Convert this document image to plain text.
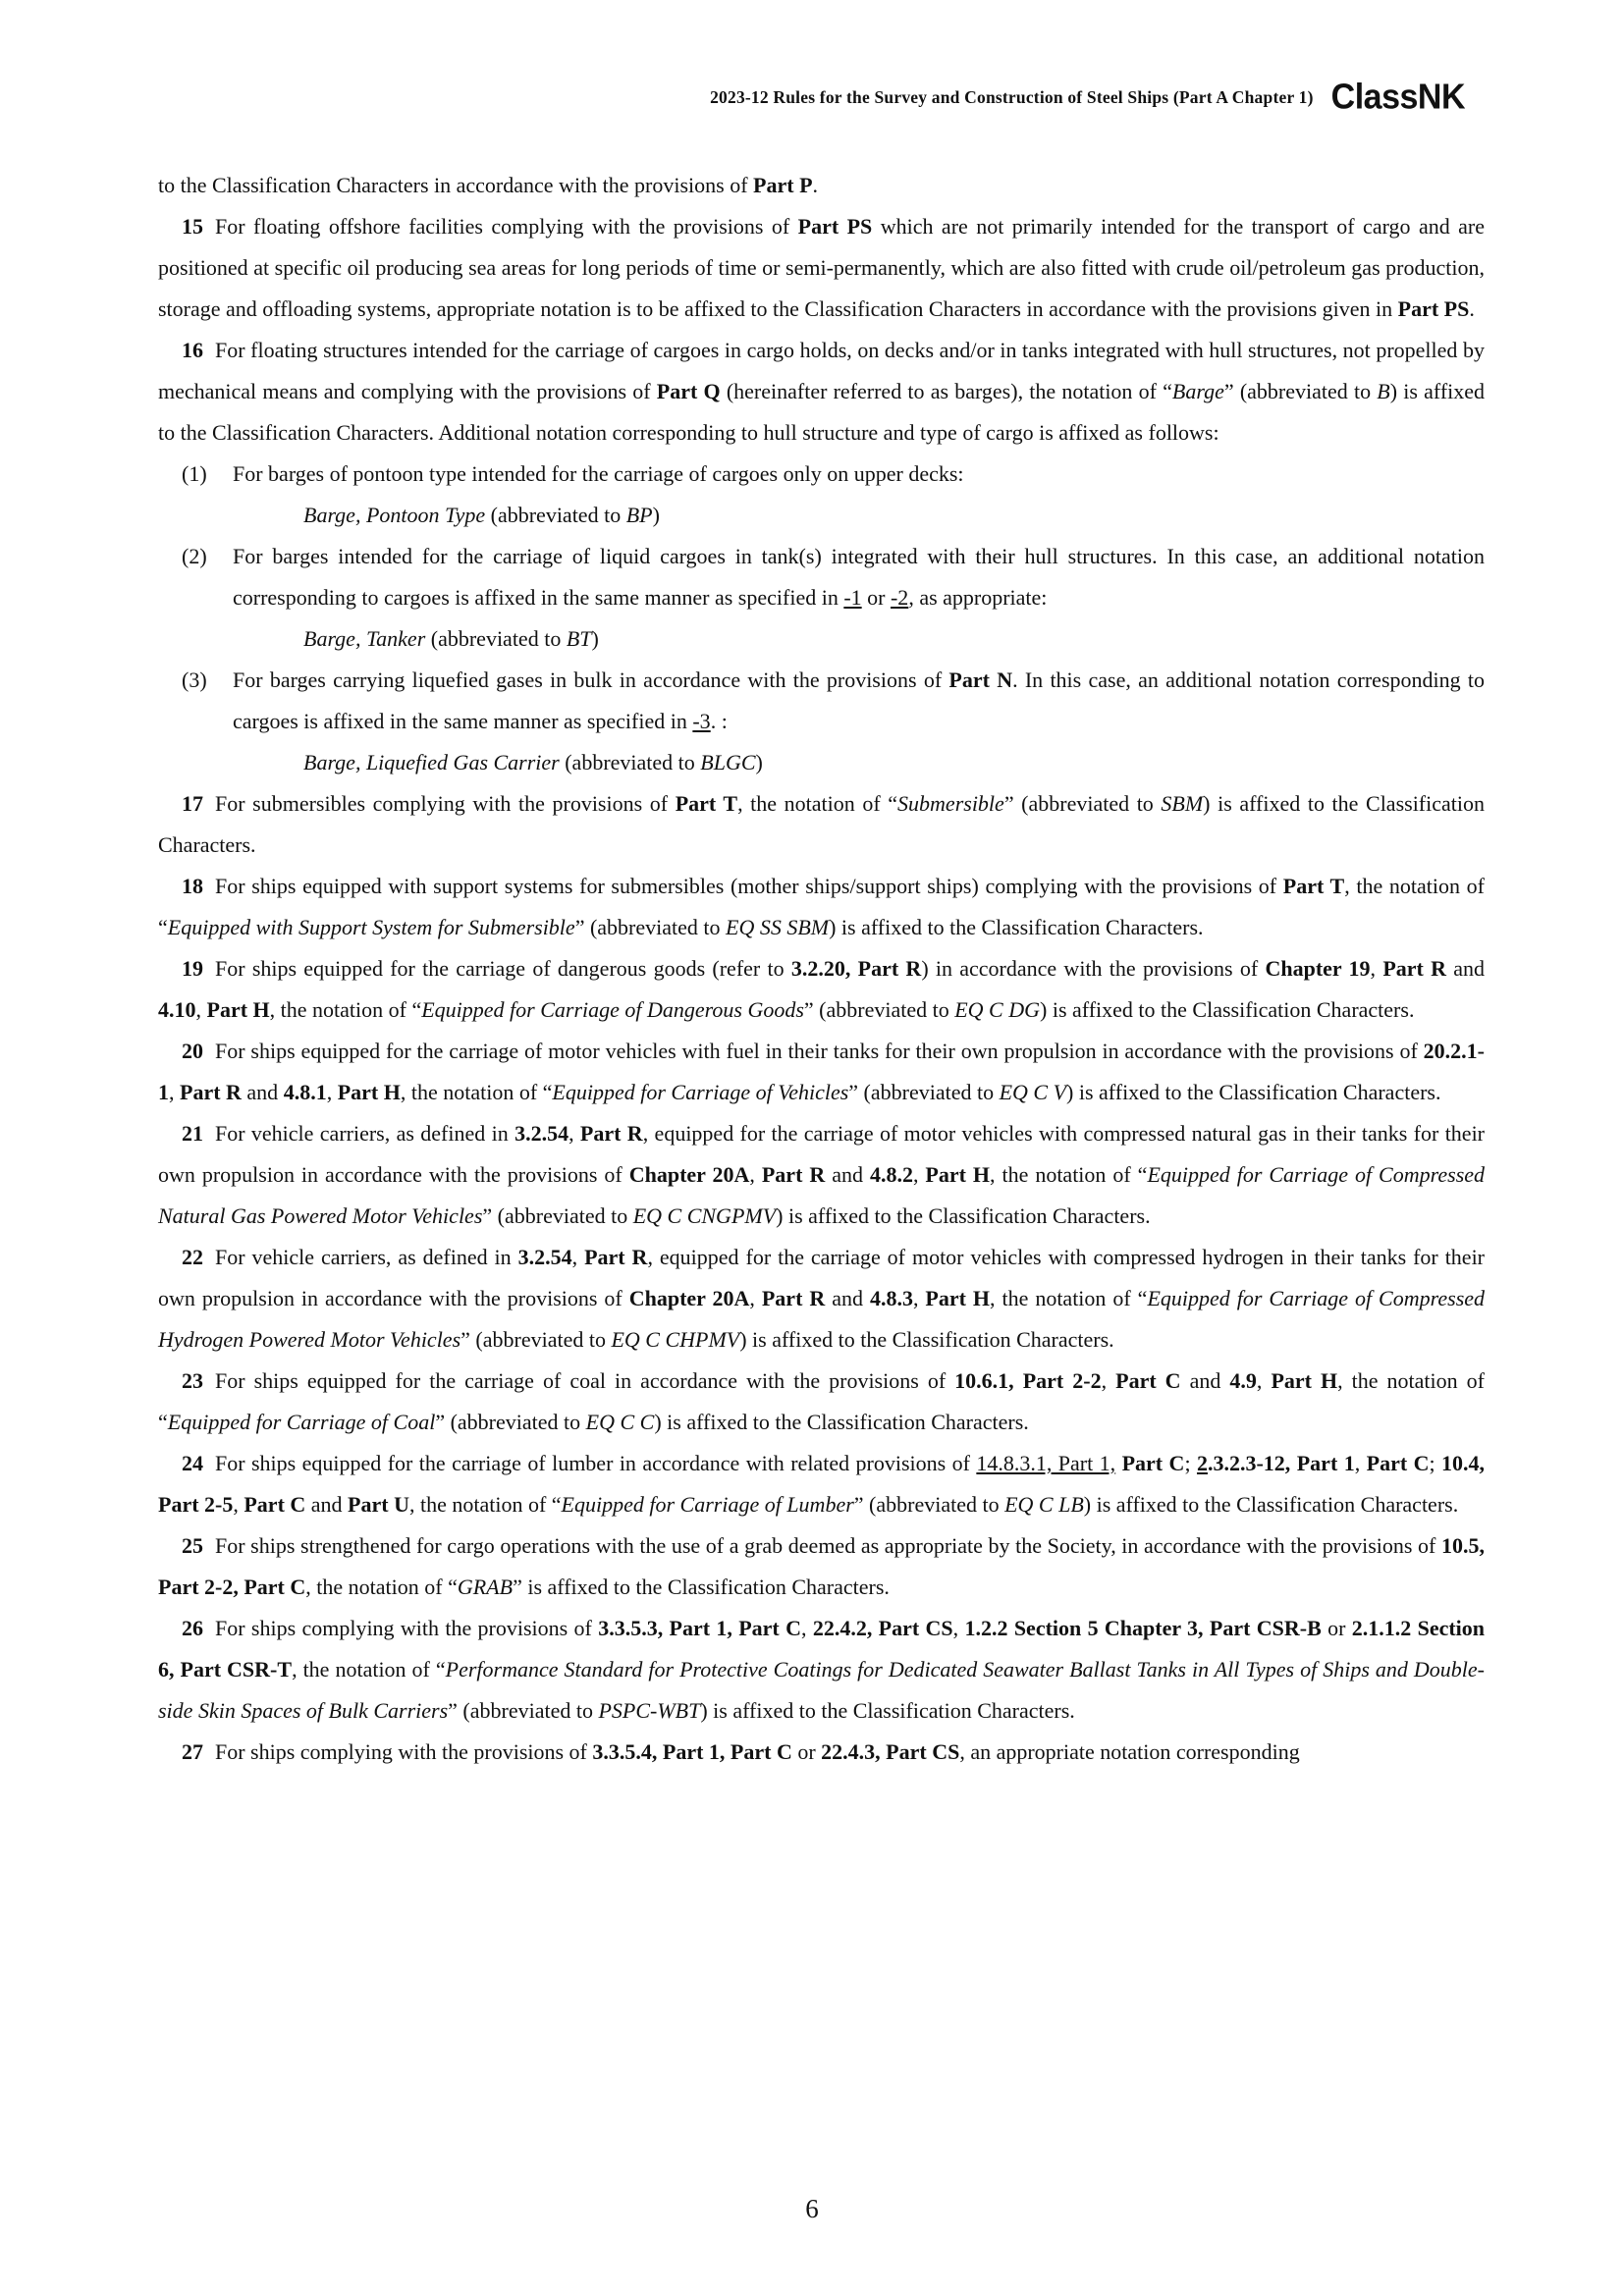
2023-12 Rules for the Survey and Construction of Steel Ships (Part A Chapter 1) ClassNK

to the Classification Characters in accordance with the provisions of Part P.

15 For floating offshore facilities complying with the provisions of Part PS which are not primarily intended for the transport of cargo and are positioned at specific oil producing sea areas for long periods of time or semi-permanently, which are also fitted with crude oil/petroleum gas production, storage and offloading systems, appropriate notation is to be affixed to the Classification Characters in accordance with the provisions given in Part PS.

16 For floating structures intended for the carriage of cargoes in cargo holds, on decks and/or in tanks integrated with hull structures, not propelled by mechanical means and complying with the provisions of Part Q (hereinafter referred to as barges), the notation of “Barge” (abbreviated to B) is affixed to the Classification Characters. Additional notation corresponding to hull structure and type of cargo is affixed as follows:

(1)	For barges of pontoon type intended for the carriage of cargoes only on upper decks:

Barge, Pontoon Type (abbreviated to BP)

(2)	For barges intended for the carriage of liquid cargoes in tank(s) integrated with their hull structures. In this case, an additional notation corresponding to cargoes is affixed in the same manner as specified in -1 or -2, as appropriate:

Barge, Tanker (abbreviated to BT)

(3)	For barges carrying liquefied gases in bulk in accordance with the provisions of Part N. In this case, an additional notation corresponding to cargoes is affixed in the same manner as specified in -3. :

Barge, Liquefied Gas Carrier (abbreviated to BLGC)

17 For submersibles complying with the provisions of Part T, the notation of “Submersible” (abbreviated to SBM) is affixed to the Classification Characters.

18 For ships equipped with support systems for submersibles (mother ships/support ships) complying with the provisions of Part T, the notation of “Equipped with Support System for Submersible” (abbreviated to EQ SS SBM) is affixed to the Classification Characters.

19 For ships equipped for the carriage of dangerous goods (refer to 3.2.20, Part R) in accordance with the provisions of Chapter 19, Part R and 4.10, Part H, the notation of “Equipped for Carriage of Dangerous Goods” (abbreviated to EQ C DG) is affixed to the Classification Characters.

20 For ships equipped for the carriage of motor vehicles with fuel in their tanks for their own propulsion in accordance with the provisions of 20.2.1-1, Part R and 4.8.1, Part H, the notation of “Equipped for Carriage of Vehicles” (abbreviated to EQ C V) is affixed to the Classification Characters.

21 For vehicle carriers, as defined in 3.2.54, Part R, equipped for the carriage of motor vehicles with compressed natural gas in their tanks for their own propulsion in accordance with the provisions of Chapter 20A, Part R and 4.8.2, Part H, the notation of “Equipped for Carriage of Compressed Natural Gas Powered Motor Vehicles” (abbreviated to EQ C CNGPMV) is affixed to the Classification Characters.

22 For vehicle carriers, as defined in 3.2.54, Part R, equipped for the carriage of motor vehicles with compressed hydrogen in their tanks for their own propulsion in accordance with the provisions of Chapter 20A, Part R and 4.8.3, Part H, the notation of “Equipped for Carriage of Compressed Hydrogen Powered Motor Vehicles” (abbreviated to EQ C CHPMV) is affixed to the Classification Characters.

23 For ships equipped for the carriage of coal in accordance with the provisions of 10.6.1, Part 2-2, Part C and 4.9, Part H, the notation of “Equipped for Carriage of Coal” (abbreviated to EQ C C) is affixed to the Classification Characters.

24 For ships equipped for the carriage of lumber in accordance with related provisions of 14.8.3.1, Part 1, Part C; 2.3.2.3-12, Part 1, Part C; 10.4, Part 2-5, Part C and Part U, the notation of “Equipped for Carriage of Lumber” (abbreviated to EQ C LB) is affixed to the Classification Characters.

25 For ships strengthened for cargo operations with the use of a grab deemed as appropriate by the Society, in accordance with the provisions of 10.5, Part 2-2, Part C, the notation of “GRAB” is affixed to the Classification Characters.

26 For ships complying with the provisions of 3.3.5.3, Part 1, Part C, 22.4.2, Part CS, 1.2.2 Section 5 Chapter 3, Part CSR-B or 2.1.1.2 Section 6, Part CSR-T, the notation of “Performance Standard for Protective Coatings for Dedicated Seawater Ballast Tanks in All Types of Ships and Double-side Skin Spaces of Bulk Carriers” (abbreviated to PSPC-WBT) is affixed to the Classification Characters.

27 For ships complying with the provisions of 3.3.5.4, Part 1, Part C or 22.4.3, Part CS, an appropriate notation corresponding

6
